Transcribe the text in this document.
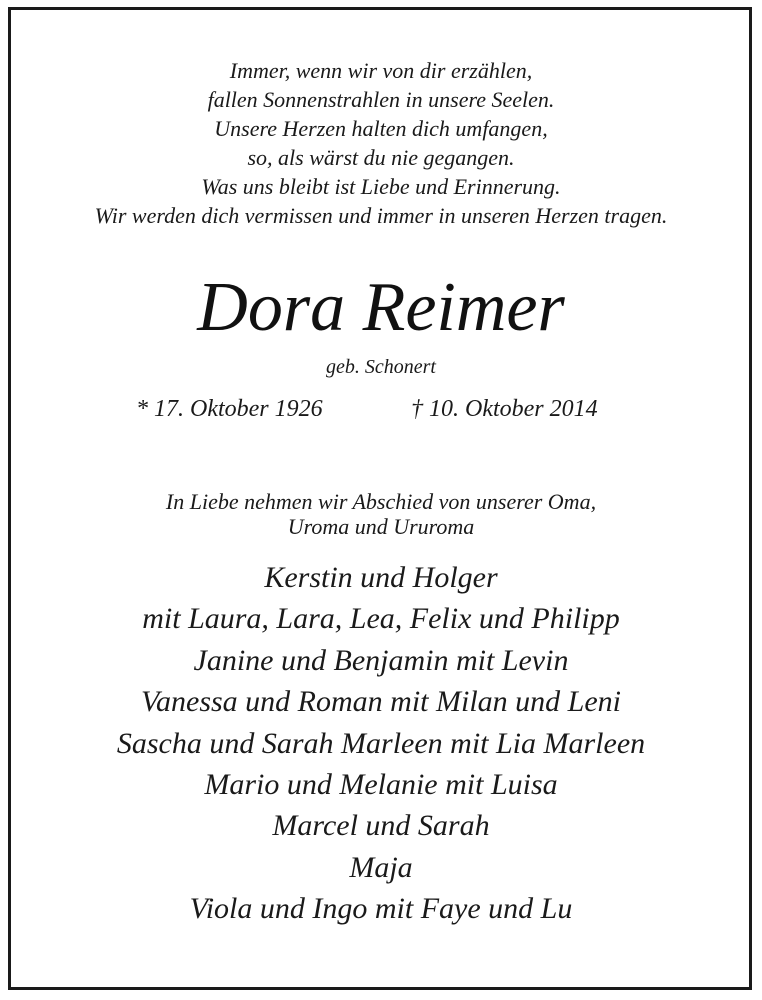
Immer, wenn wir von dir erzählen,
fallen Sonnenstrahlen in unsere Seelen.
Unsere Herzen halten dich umfangen,
so, als wärst du nie gegangen.
Was uns bleibt ist Liebe und Erinnerung.
Wir werden dich vermissen und immer in unseren Herzen tragen.
Dora Reimer
geb. Schonert
* 17. Oktober 1926	† 10. Oktober 2014
In Liebe nehmen wir Abschied von unserer Oma,
Uroma und Ururoma
Kerstin und Holger
mit Laura, Lara, Lea, Felix und Philipp
Janine und Benjamin mit Levin
Vanessa und Roman mit Milan und Leni
Sascha und Sarah Marleen mit Lia Marleen
Mario und Melanie mit Luisa
Marcel und Sarah
Maja
Viola und Ingo mit Faye und Lu
